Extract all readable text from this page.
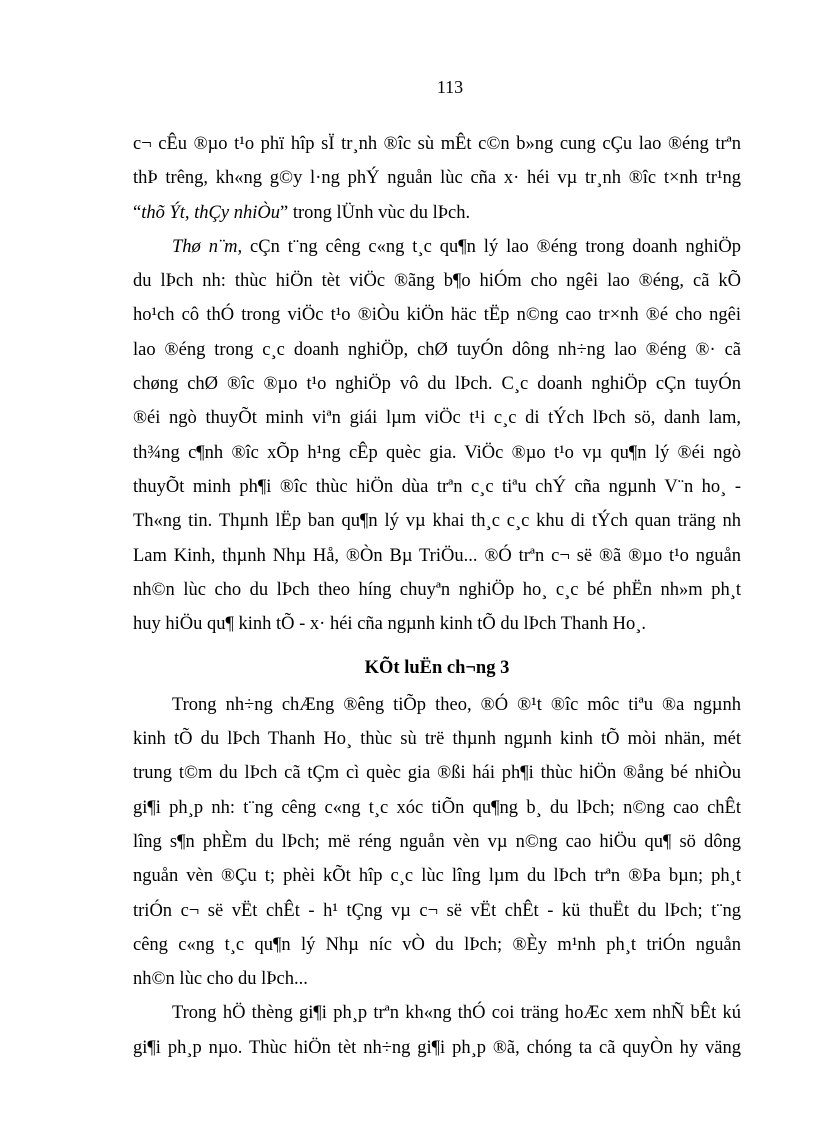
113
c¬ cÊu ®µo t¹o phï hîp sÏ tr¸nh ®îc sù mÊt c©n b»ng cung cÇu lao ®éng trªn
thÞ trêng, kh«ng g©y l·ng phÝ nguån lùc cña x· héi vµ tr¸nh ®îc t×nh tr¹ng
“thõ Ýt, thÇy nhiÒu” trong lÜnh vùc du lÞch.
Thø n¨m, cÇn t¨ng cêng c«ng t¸c qu¶n lý lao ®éng trong doanh nghiÖp
du lÞch nh: thùc hiÖn tèt viÖc ®ãng b¶o hiÓm cho ngêi lao ®éng, cã kÕ
ho¹ch cô thÓ trong viÖc t¹o ®iÒu kiÖn häc tËp n©ng cao tr×nh ®é cho ngêi
lao ®éng trong c¸c doanh nghiÖp, chØ tuyÓn dông nh÷ng lao ®éng ®· cã
chøng chØ ®îc ®µo t¹o nghiÖp vô du lÞch. C¸c doanh nghiÖp cÇn tuyÓn
®éi ngò thuyÕt minh viªn giái lµm viÖc t¹i c¸c di tÝch lÞch sö, danh lam,
th¾ng c¶nh ®îc xÕp h¹ng cÊp quèc gia. ViÖc ®µo t¹o vµ qu¶n lý ®éi ngò
thuyÕt minh ph¶i ®îc thùc hiÖn dùa trªn c¸c tiªu chÝ cña ngµnh V¨n ho¸ -
Th«ng tin. Thµnh lËp ban qu¶n lý vµ khai th¸c c¸c khu di tÝch quan träng nh
Lam Kinh, thµnh Nhµ Hå, ®Òn Bµ TriÖu... ®Ó trªn c¬ së ®ã ®µo t¹o nguån
nh©n lùc cho du lÞch theo híng chuyªn nghiÖp ho¸ c¸c bé phËn nh»m ph¸t
huy hiÖu qu¶ kinh tÕ - x· héi cña ngµnh kinh tÕ du lÞch Thanh Ho¸.
KÕt luËn ch¬ng 3
Trong nh÷ng chÆng ®êng tiÕp theo, ®Ó ®¹t ®îc môc tiªu ®a ngµnh
kinh tÕ du lÞch Thanh Ho¸ thùc sù trë thµnh ngµnh kinh tÕ mòi nhän, mét
trung t©m du lÞch cã tÇm cì quèc gia ®ßi hái ph¶i thùc hiÖn ®ång bé nhiÒu
gi¶i ph¸p nh: t¨ng cêng c«ng t¸c xóc tiÕn qu¶ng b¸ du lÞch; n©ng cao chÊt
lîng s¶n phÈm du lÞch; më réng nguån vèn vµ n©ng cao hiÖu qu¶ sö dông
nguån vèn ®Çu t; phèi kÕt hîp c¸c lùc lîng lµm du lÞch trªn ®Þa bµn; ph¸t
triÓn c¬ së vËt chÊt - h¹ tÇng vµ c¬ së vËt chÊt - kü thuËt du lÞch; t¨ng
cêng c«ng t¸c qu¶n lý Nhµ níc vÒ du lÞch; ®Èy m¹nh ph¸t triÓn nguån
nh©n lùc cho du lÞch...
Trong hÖ thèng gi¶i ph¸p trªn kh«ng thÓ coi träng hoÆc xem nhÑ bÊt kú
gi¶i ph¸p nµo. Thùc hiÖn tèt nh÷ng gi¶i ph¸p ®ã, chóng ta cã quyÒn hy väng
